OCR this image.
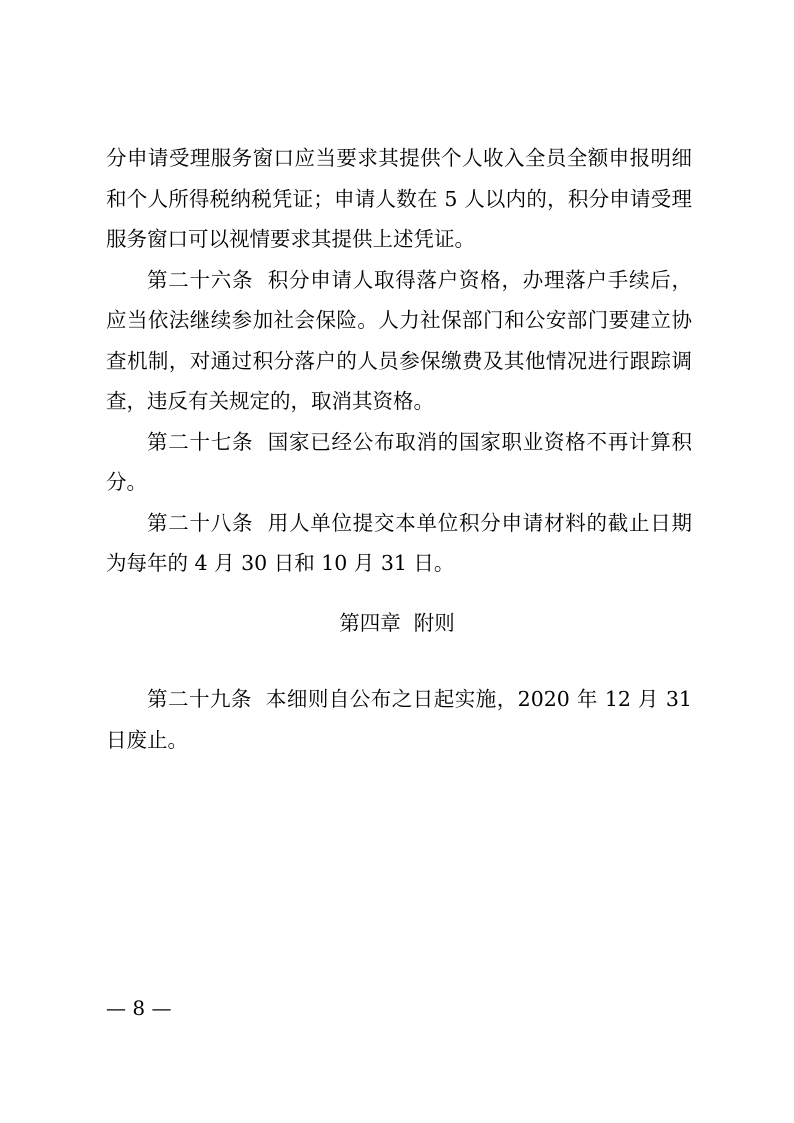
分申请受理服务窗口应当要求其提供个人收入全员全额申报明细和个人所得税纳税凭证；申请人数在 5 人以内的，积分申请受理服务窗口可以视情要求其提供上述凭证。

第二十六条 积分申请人取得落户资格，办理落户手续后，应当依法继续参加社会保险。人力社保部门和公安部门要建立协查机制，对通过积分落户的人员参保缴费及其他情况进行跟踪调查，违反有关规定的，取消其资格。

第二十七条 国家已经公布取消的国家职业资格不再计算积分。

第二十八条 用人单位提交本单位积分申请材料的截止日期为每年的 4 月 30 日和 10 月 31 日。

第四章 附则

第二十九条 本细则自公布之日起实施，2020 年 12 月 31 日废止。

— 8 —
